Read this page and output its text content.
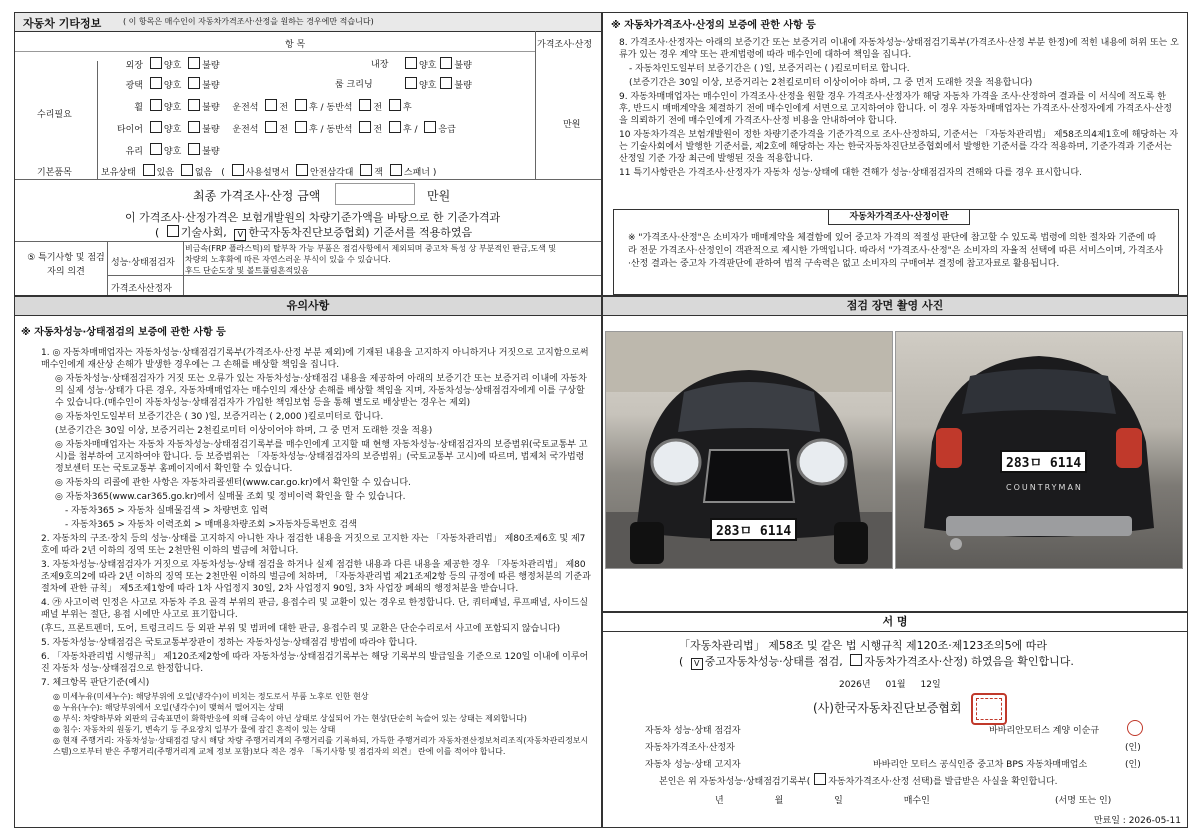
자동차 기타정보	( 이 항목은 매수인이 자동차가격조사·산정을 원하는 경우에만 적습니다)
항 목	가격조사·산정
수리필요
기본품목
만원
외장 양호 불량	내장	양호 불량
광택 양호 불량	룸 크리닝	양호 불량
휠 양호 불량 운전석 전 후 / 동반석 전 후
타이어 양호 불량 운전석 전 후 / 동반석 전 후 / 응급
유리 양호 불량
보유상태 있음 없음 ( 사용설명서 안전삼각대 잭 스패너 )
최종 가격조사·산정 금액	만원
이 가격조사·산정가격은 보험개발원의 차량기준가액을 바탕으로 한 기준가격과
( 기술사회, V 한국자동차진단보증협회) 기준서를 적용하였음
⑤ 특기사항 및 점검자의 의견
성능·상태점검자
비금속(FRP 플라스틱)의 탈부착 가능 부품은 점검사항에서 제외되며 중고차 특성 상 부분적인 판금,도색 및
차량의 노후화에 따른 자연스러운 부식이 있을 수 있습니다.
후드 단순도장 및 볼트풀림흔적있음
가격조사산정자
※ 자동차가격조사·산정의 보증에 관한 사항 등

8. 가격조사·산정자는 아래의 보증기간 또는 보증거리 이내에 자동차성능·상태점검기록부(가격조사·산정 부분 한정)에 적힌 내용에 허위 또는 오류가 있는 경우 계약 또는 관계법령에 따라 매수인에 대하여 책임을 집니다.

- 자동차인도일부터 보증기간은 ( )일, 보증거리는 ( )킬로미터로 합니다.

(보증기간은 30일 이상, 보증거리는 2천킬로미터 이상이어야 하며, 그 중 먼저 도래한 것을 적용합니다)

9. 자동차매매업자는 매수인이 가격조사·산정을 원할 경우 가격조사·산정자가 해당 자동차 가격을 조사·산정하여 결과를 이 서식에 적도록 한 후, 반드시 매매계약을 체결하기 전에 매수인에게 서면으로 고지하여야 합니다. 이 경우 자동차매매업자는 가격조사·산정자에게 가격조사·산정을 의뢰하기 전에 매수인에게 가격조사·산정 비용을 안내하여야 합니다.

10 자동차가격은 보험개발원이 정한 차량기준가격을 기준가격으로 조사·산정하되, 기준서는 「자동차관리법」 제58조의4제1호에 해당하는 자는 기술사회에서 발행한 기준서를, 제2호에 해당하는 자는 한국자동차진단보증협회에서 발행한 기준서를 각각 적용하며, 기준가격과 기준서는 산정일 기준 가장 최근에 발행된 것을 적용합니다.

11 특기사항란은 가격조사·산정자가 자동차 성능·상태에 대한 견해가 성능·상태점검자의 견해와 다를 경우 표시합니다.

자동차가격조사·산정이란
※ "가격조사·산정"은 소비자가 매매계약을 체결함에 있어 중고차 가격의 적절성 판단에 참고할 수 있도록 법령에 의한 절차와 기준에 따라 전문 가격조사·산정인이 객관적으로 제시한 가액입니다. 따라서 "가격조사·산정"은 소비자의 자율적 선택에 따른 서비스이며, 가격조사·산정 결과는 중고차 가격판단에 관하여 법적 구속력은 없고 소비자의 구매여부 결정에 참고자료로 활용됩니다.
유의사항
※ 자동차성능·상태점검의 보증에 관한 사항 등

1. ◎ 자동차매매업자는 자동차성능·상태점검기록부(가격조사·산정 부분 제외)에 기재된 내용을 고지하지 아니하거나 거짓으로 고지함으로써 매수인에게 재산상 손해가 발생한 경우에는 그 손해를 배상할 책임을 집니다.

◎ 자동차성능·상태점검자가 거짓 또는 오류가 있는 자동차성능·상태점검 내용을 제공하여 아래의 보증기간 또는 보증거리 이내에 자동차의 실제 성능·상태가 다른 경우, 자동차매매업자는 매수인의 재산상 손해를 배상할 책임을 지며, 자동차성능·상태점검자에게 이를 구상할 수 있습니다.(매수인이 자동차성능·상태점검자가 가입한 책임보험 등을 통해 별도로 배상받는 경우는 제외)

◎ 자동차인도일부터 보증기간은 ( 30 )일, 보증거리는 ( 2,000 )킬로미터로 합니다.

(보증기간은 30일 이상, 보증거리는 2천킬로미터 이상이어야 하며, 그 중 먼저 도래한 것을 적용)

◎ 자동차매매업자는 자동차 자동차성능·상태점검기록부를 매수인에게 고지할 때 현행 자동차성능·상태점검자의 보증범위(국토교통부 고시)를 첨부하여 고지하여야 합니다. 등 보증범위는 「자동차성능·상태점검자의 보증범위」(국토교통부 고시)에 따르며, 법제처 국가법령정보센터 또는 국토교통부 홈페이지에서 확인할 수 있습니다.

◎ 자동차의 리콜에 관한 사항은 자동차리콜센터(www.car.go.kr)에서 확인할 수 있습니다.

◎ 자동차365(www.car365.go.kr)에서 실매물 조회 및 정비이력 확인을 할 수 있습니다.

- 자동차365 > 자동차 실매물검색 > 차량번호 입력

- 자동차365 > 자동차 이력조회 > 매매용차량조회 >자동차등록번호 검색

2. 자동차의 구조·장치 등의 성능·상태를 고지하지 아니한 자나 점검한 내용을 거짓으로 고지한 자는 「자동차관리법」 제80조제6호 및 제7호에 따라 2년 이하의 징역 또는 2천만원 이하의 벌금에 처합니다.

3. 자동차성능·상태점검자가 거짓으로 자동차성능·상태 점검을 하거나 실제 점검한 내용과 다른 내용을 제공한 경우 「자동차관리법」 제80조제9호의2에 따라 2년 이하의 징역 또는 2천만원 이하의 벌금에 처하며, 「자동차관리법 제21조제2항 등의 규정에 따른 행정처분의 기준과 절차에 관한 규칙」 제5조제1항에 따라 1차 사업정지 30일, 2차 사업정지 90일, 3차 사업장 폐쇄의 행정처분을 받습니다.

4. ㉮ 사고이력 인정은 사고로 자동차 주요 골격 부위의 판금, 용접수리 및 교환이 있는 경우로 한정합니다. 단, 쿼터패널, 루프패널, 사이드실패널 부위는 절단, 용접 시에만 사고로 표기합니다.

(후드, 프론트펜더, 도어, 트렁크리드 등 외판 부위 및 범퍼에 대한 판금, 용접수리 및 교환은 단순수리로서 사고에 포함되지 않습니다)

5. 자동차성능·상태점검은 국토교통부장관이 정하는 자동차성능·상태점검 방법에 따라야 합니다.

6. 「자동차관리법 시행규칙」 제120조제2항에 따라 자동차성능·상태점검기록부는 해당 기록부의 발급일을 기준으로 120일 이내에 이루어진 자동차 성능·상태점검으로 한정합니다.

7. 체크항목 판단기준(예시)

◎ 미세누유(미세누수): 해당부위에 오일(냉각수)이 비치는 정도로서 부품 노후로 인한 현상

◎ 누유(누수): 해당부위에서 오일(냉각수)이 맺혀서 떨어지는 상태

◎ 부식: 차량하부와 외판의 금속표면이 화학반응에 의해 금속이 아닌 상태로 상실되어 가는 현상(단순히 녹슬어 있는 상태는 제외합니다)

◎ 침수: 자동차의 원동기, 변속기 등 주요장치 일부가 물에 잠긴 흔적이 있는 상태

◎ 현재 주행거리: 자동차성능·상태점검 당시 해당 차량 주행거리계의 주행거리를 기록하되, 가득한 주행거리가 자동차전산정보처리조직(자동차관리정보시스템)으로부터 받은 주행거리(주행거리계 교체 정보 포함)보다 적은 경우 「특기사항 및 점검자의 의견」 란에 이를 적어야 합니다.

점검 장면 촬영 사진
283ㅁ 6114
283ㅁ 6114
COUNTRYMAN
서 명
「자동차관리법」 제58조 및 같은 법 시행규칙 제120조·제123조의5에 따라
( V 중고자동차성능·상태를 점검, 자동차가격조사·산정) 하였음을 확인합니다.
2026년 01월 12일
(사)한국자동차진단보증협회
자동차 성능·상태 점검자	바바리안모터스 계양 이순규
자동차가격조사·산정자	(인)
자동차 성능·상태 고지자	바바리안 모터스 공식인증 중고차 BPS 자동차매매업소	(인)
본인은 위 자동차성능·상태점검기록부( 자동차가격조사·산정 선택)를 발급받은 사실을 확인합니다.
년	월	일	매수인	(서명 또는 인)
만료일 : 2026-05-11
